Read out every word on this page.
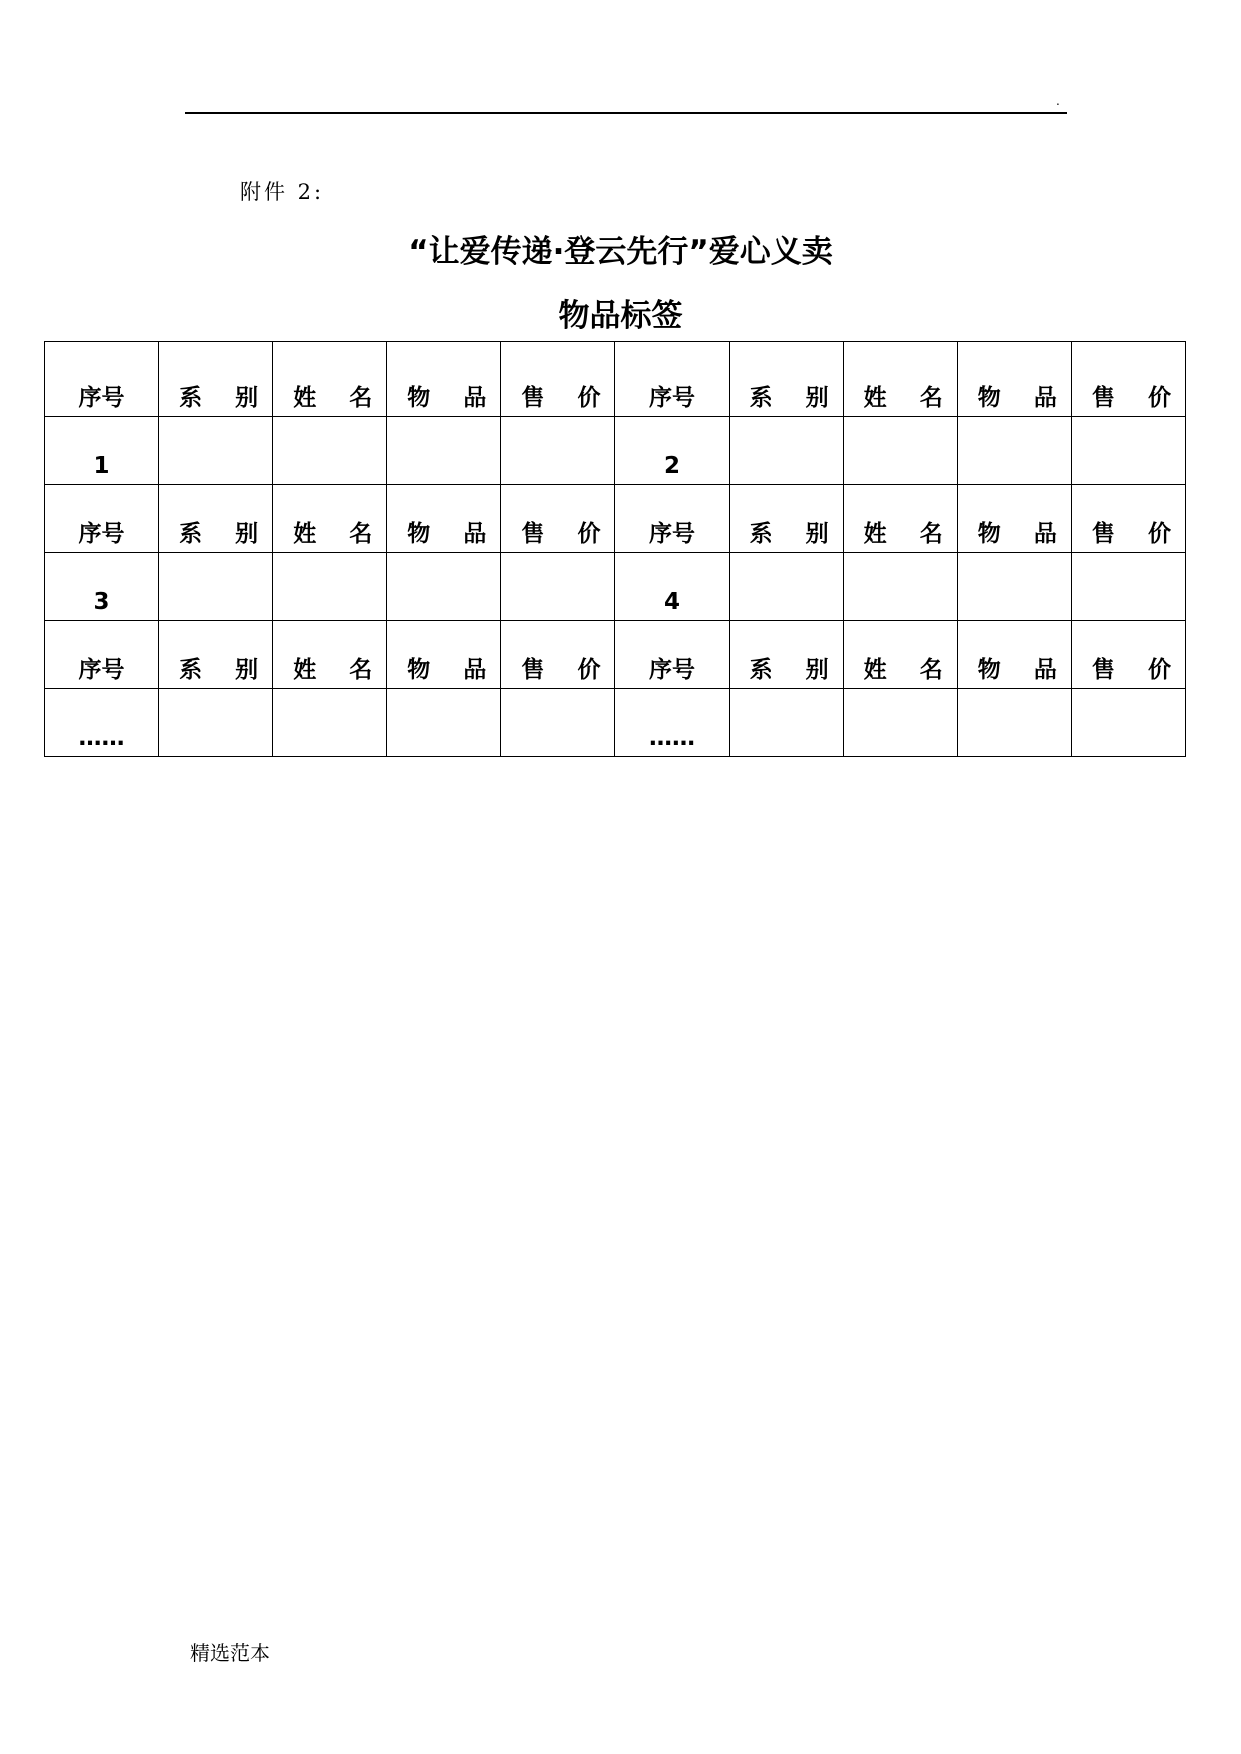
.
附件 2:
“让爱传递·登云先行”爱心义卖
物品标签
序号	系 别	姓 名	物 品	售 价	序号	系 别	姓 名	物 品	售 价
1					2				
序号	系 别	姓 名	物 品	售 价	序号	系 别	姓 名	物 品	售 价
3					4				
序号	系 别	姓 名	物 品	售 价	序号	系 别	姓 名	物 品	售 价
……					……				
精选范本
